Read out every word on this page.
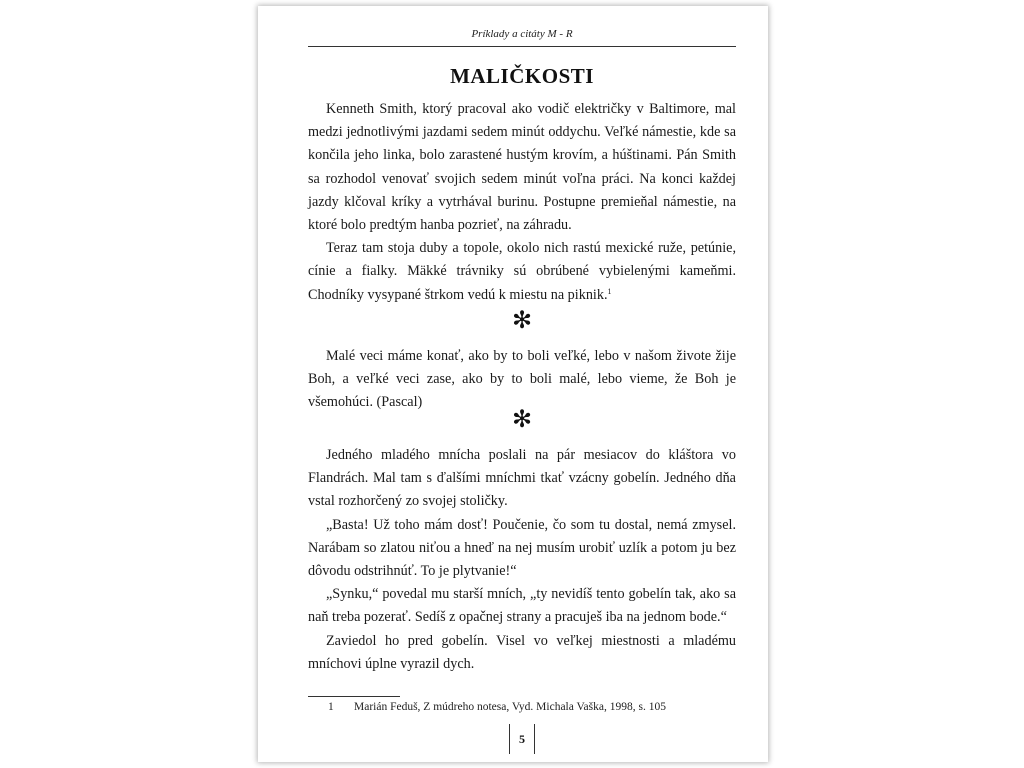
Príklady a citáty M - R
MALIČKOSTI

Kenneth Smith, ktorý pracoval ako vodič električky v Baltimore, mal medzi jednotlivými jazdami sedem minút oddychu. Veľké námestie, kde sa končila jeho linka, bolo zarastené hustým krovím, a húštinami. Pán Smith sa rozhodol venovať svojich sedem minút voľna práci. Na konci každej jazdy klčoval kríky a vytrhával burinu. Postupne premieňal námestie, na ktoré bolo predtým hanba pozrieť, na záhradu.

Teraz tam stoja duby a topole, okolo nich rastú mexické ruže, petúnie, cínie a fialky. Mäkké trávniky sú obrúbené vybielenými kameňmi. Chodníky vysypané štrkom vedú k miestu na piknik.$^1$

✻

Malé veci máme konať, ako by to boli veľké, lebo v našom živote žije Boh, a veľké veci zase, ako by to boli malé, lebo vieme, že Boh je všemohúci. (Pascal)

✻

Jedného mladého mnícha poslali na pár mesiacov do kláštora vo Flandrách. Mal tam s ďalšími mníchmi tkať vzácny gobelín. Jedného dňa vstal rozhorčený zo svojej stoličky.

„Basta! Už toho mám dosť! Poučenie, čo som tu dostal, nemá zmysel. Narábam so zlatou niťou a hneď na nej musím urobiť uzlík a potom ju bez dôvodu odstrihnúť. To je plytvanie!“

„Synku,“ povedal mu starší mních, „ty nevidíš tento gobelín tak, ako sa naň treba pozerať. Sedíš z opačnej strany a pracuješ iba na jednom bode.“

Zaviedol ho pred gobelín. Visel vo veľkej miestnosti a mladému mníchovi úplne vyrazil dych.

1 Marián Feduš, Z múdreho notesa, Vyd. Michala Vaška, 1998, s. 105
5
